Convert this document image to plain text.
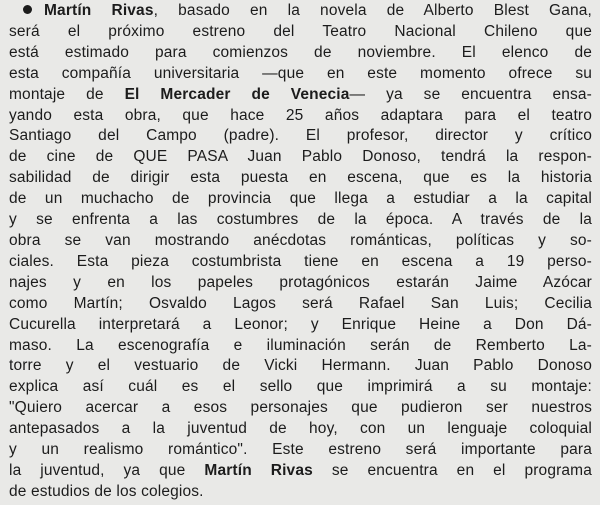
Martín Rivas, basado en la novela de Alberto Blest Gana,
será el próximo estreno del Teatro Nacional Chileno que
está estimado para comienzos de noviembre. El elenco de
esta compañía universitaria —que en este momento ofrece su
montaje de El Mercader de Venecia— ya se encuentra ensa-
yando esta obra, que hace 25 años adaptara para el teatro
Santiago del Campo (padre). El profesor, director y crítico
de cine de QUE PASA Juan Pablo Donoso, tendrá la respon-
sabilidad de dirigir esta puesta en escena, que es la historia
de un muchacho de provincia que llega a estudiar a la capital
y se enfrenta a las costumbres de la época. A través de la
obra se van mostrando anécdotas románticas, políticas y so-
ciales. Esta pieza costumbrista tiene en escena a 19 perso-
najes y en los papeles protagónicos estarán Jaime Azócar
como Martín; Osvaldo Lagos será Rafael San Luis; Cecilia
Cucurella interpretará a Leonor; y Enrique Heine a Don Dá-
maso. La escenografía e iluminación serán de Remberto La-
torre y el vestuario de Vicki Hermann. Juan Pablo Donoso
explica así cuál es el sello que imprimirá a su montaje:
"Quiero acercar a esos personajes que pudieron ser nuestros
antepasados a la juventud de hoy, con un lenguaje coloquial
y un realismo romántico". Este estreno será importante para
la juventud, ya que Martín Rivas se encuentra en el programa
de estudios de los colegios.
